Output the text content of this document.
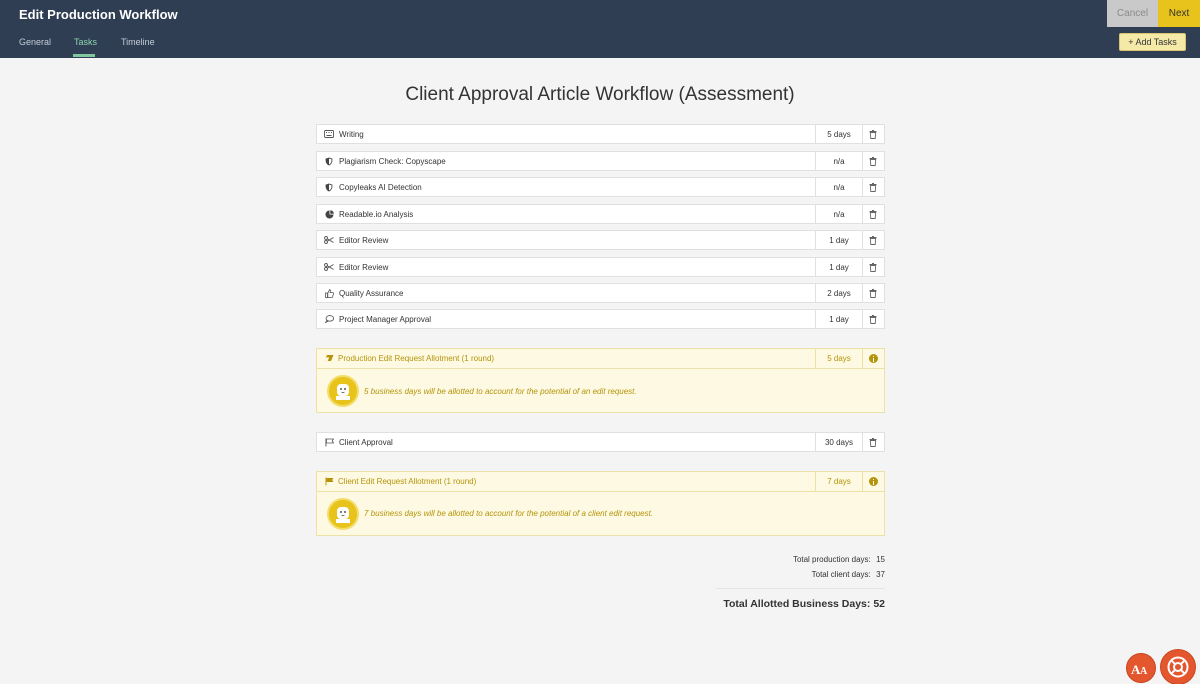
Edit Production Workflow	Cancel	Next
General	Tasks	Timeline	+ Add Tasks
Client Approval Article Workflow (Assessment)
Writing	5 days
Plagiarism Check: Copyscape	n/a
Copyleaks AI Detection	n/a
Readable.io Analysis	n/a
Editor Review	1 day
Editor Review	1 day
Quality Assurance	2 days
Project Manager Approval	1 day
Production Edit Request Allotment (1 round)	5 days
5 business days will be allotted to account for the potential of an edit request.
Client Approval	30 days
Client Edit Request Allotment (1 round)	7 days
7 business days will be allotted to account for the potential of a client edit request.
Total production days: 15
Total client days: 37
Total Allotted Business Days: 52
A A
